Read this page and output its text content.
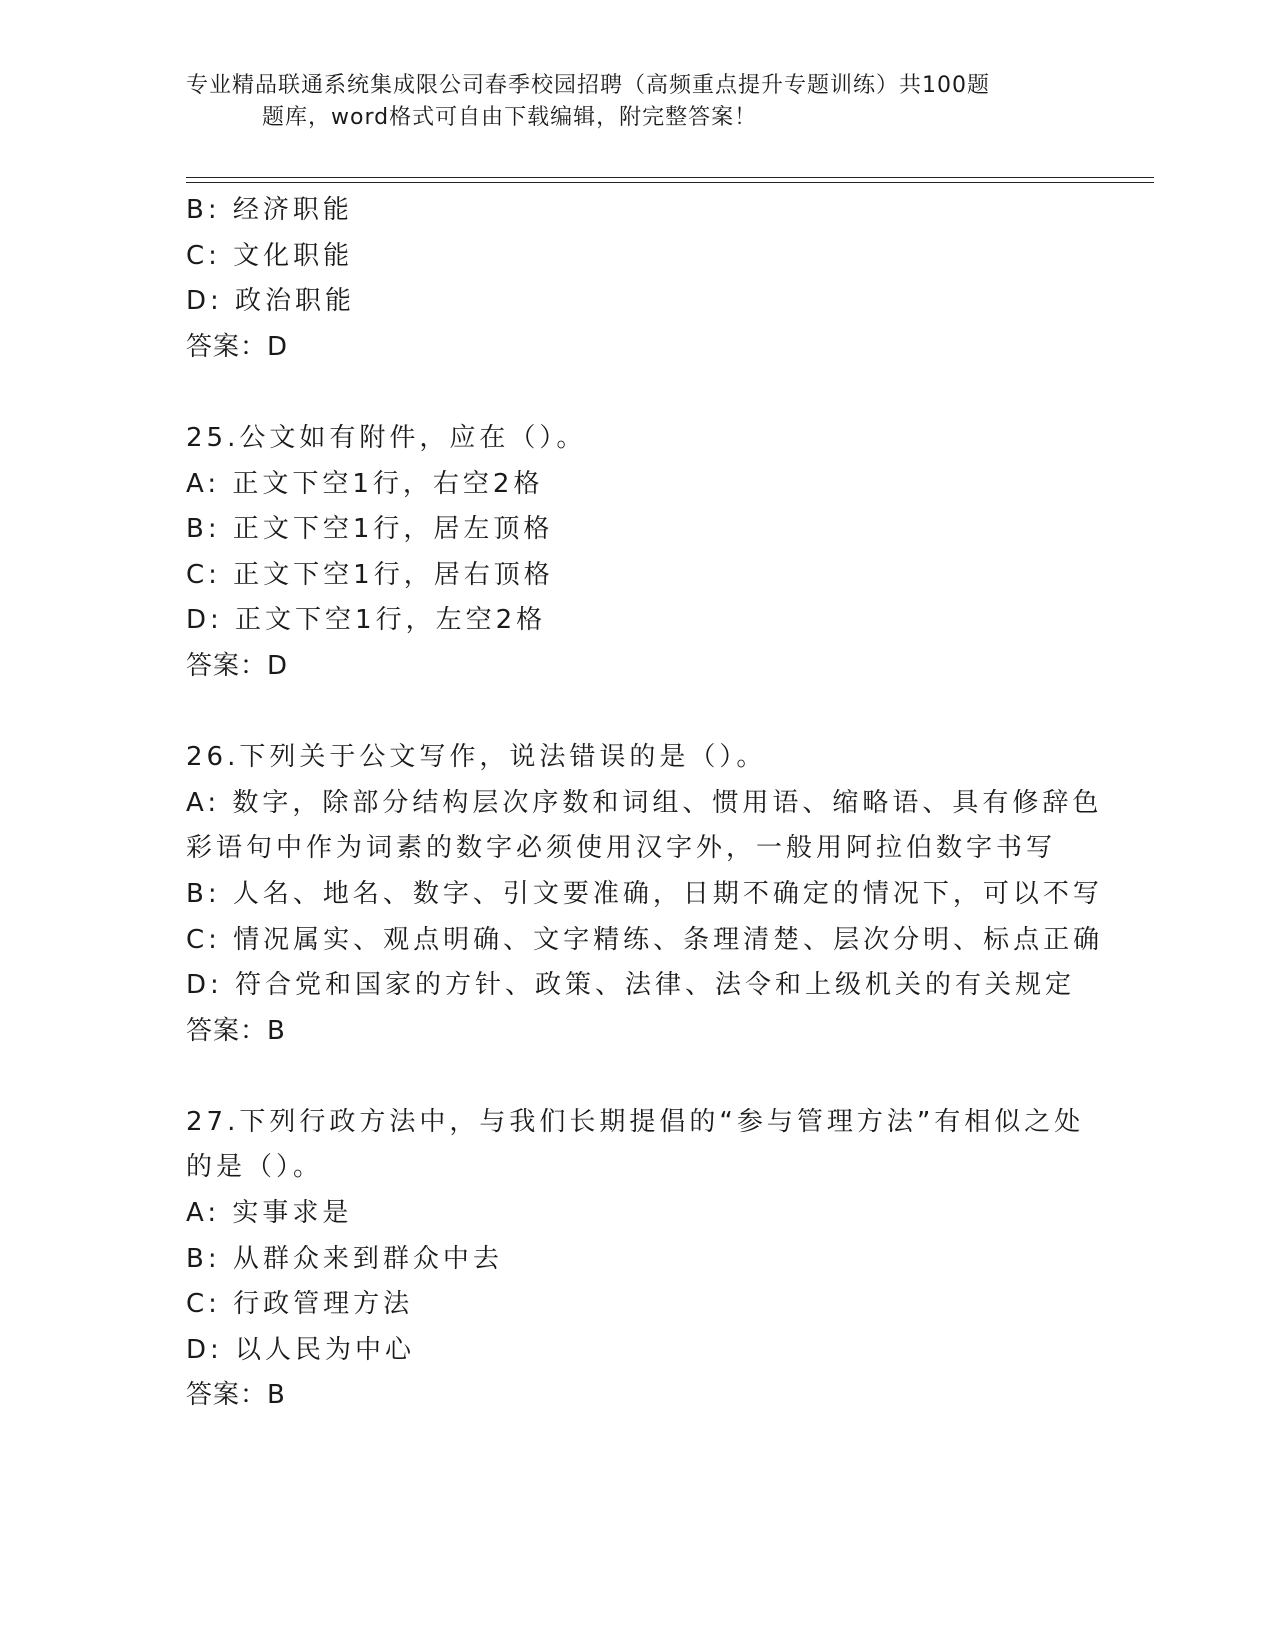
专业精品联通系统集成限公司春季校园招聘（高频重点提升专题训练）共100题
题库，word格式可自由下载编辑，附完整答案！
B: 经济职能
C: 文化职能
D: 政治职能
答案：D
25.公文如有附件，应在（）。
A: 正文下空1行，右空2格
B: 正文下空1行，居左顶格
C: 正文下空1行，居右顶格
D: 正文下空1行，左空2格
答案：D
26.下列关于公文写作，说法错误的是（）。
A: 数字，除部分结构层次序数和词组、惯用语、缩略语、具有修辞色
彩语句中作为词素的数字必须使用汉字外，一般用阿拉伯数字书写
B: 人名、地名、数字、引文要准确，日期不确定的情况下，可以不写
C: 情况属实、观点明确、文字精练、条理清楚、层次分明、标点正确
D: 符合党和国家的方针、政策、法律、法令和上级机关的有关规定
答案：B
27.下列行政方法中，与我们长期提倡的“参与管理方法”有相似之处
的是（）。
A: 实事求是
B: 从群众来到群众中去
C: 行政管理方法
D: 以人民为中心
答案：B
